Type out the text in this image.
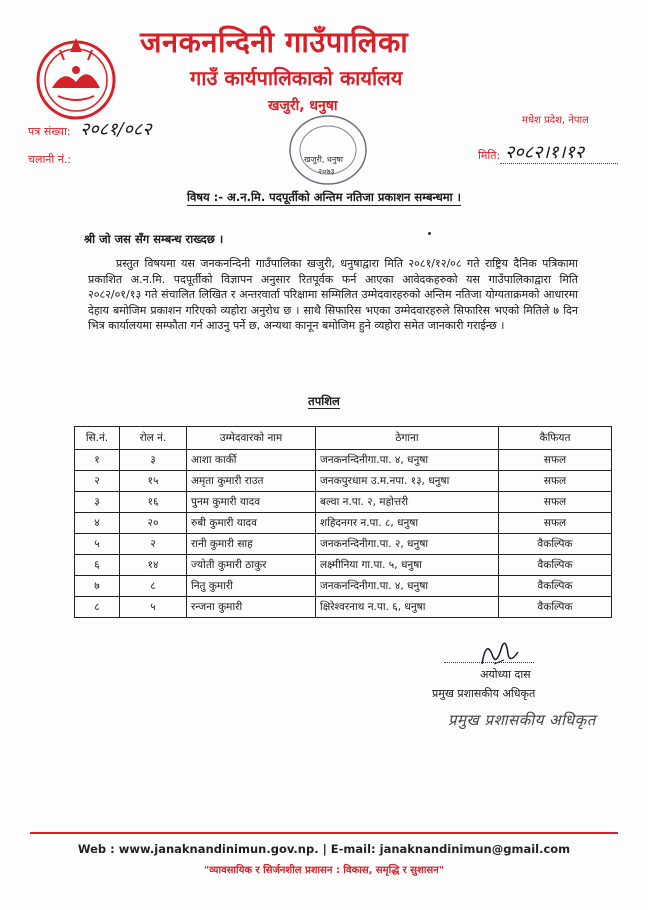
जनकनन्दिनी गाउँपालिका
गाउँ कार्यपालिकाको कार्यालय
खजुरी, धनुषा
मधेश प्रदेश, नेपाल
खजुरी, धनुषा
२०७३
पत्र संख्या: २०८१/०८२
चलानी नं.:	मिति: २०८२।१।१२
विषय :- अ.न.मि. पदपूर्तीको अन्तिम नतिजा प्रकाशन सम्बन्धमा ।
श्री जो जस सँग सम्बन्ध राख्दछ ।
प्रस्तुत विषयमा यस जनकनन्दिनी गाउँपालिका खजुरी, धनुषाद्वारा मिति २०८१/१२/०८ गते राष्ट्रिय दैनिक पत्रिकामा प्रकाशित अ.न.मि. पदपूर्तीको विज्ञापन अनुसार रितपूर्वक फर्न आएका आवेदकहरुको यस गाउँपालिकाद्वारा मिति २०८२/०१/१३ गते संचालित लिखित र अन्तरवार्ता परिक्षामा सम्मिलित उम्मेदवारहरुको अन्तिम नतिजा योग्यताक्रमको आधारमा देहाय बमोजिम प्रकाशन गरिएको व्यहोरा अनुरोध छ । साथै सिफारिस भएका उम्मेदवारहरुले सिफारिस भएको मितिले ७ दिन भित्र कार्यालयमा सम्फौता गर्न आउनु पर्ने छ, अन्यथा कानून बमोजिम हुने व्यहोरा समेत जानकारी गराईन्छ ।
तपशिल
सि.नं.	रोल नं.	उम्मेदवारको नाम	ठेगाना	कैफियत
१	३	आशा कार्की	जनकनन्दिनीगा.पा. ४, धनुषा	सफल
२	१५	अमृता कुमारी राउत	जनकपुरधाम उ.म.नपा. १३, धनुषा	सफल
३	१६	पुनम कुमारी यादव	बल्वा न.पा. २, महोत्तरी	सफल
४	२०	रुबी कुमारी यादव	शहिदनगर न.पा. ८, धनुषा	सफल
५	२	रानी कुमारी साह	जनकनन्दिनीगा.पा. २, धनुषा	वैकल्पिक
६	१४	ज्योती कुमारी ठाकुर	लक्ष्मीनिया गा.पा. ५, धनुषा	वैकल्पिक
७	८	नितु कुमारी	जनकनन्दिनीगा.पा. ४, धनुषा	वैकल्पिक
८	५	रन्जना कुमारी	क्षिरेश्वरनाथ न.पा. ६, धनुषा	वैकल्पिक
अयोध्या दास
प्रमुख प्रशासकीय अधिकृत
प्रमुख प्रशासकीय अधिकृत
Web : www.janaknandinimun.gov.np. | E-mail: janaknandinimun@gmail.com
"व्यावसायिक र सिर्जनशील प्रशासन : विकास, समृद्धि र सुशासन"
